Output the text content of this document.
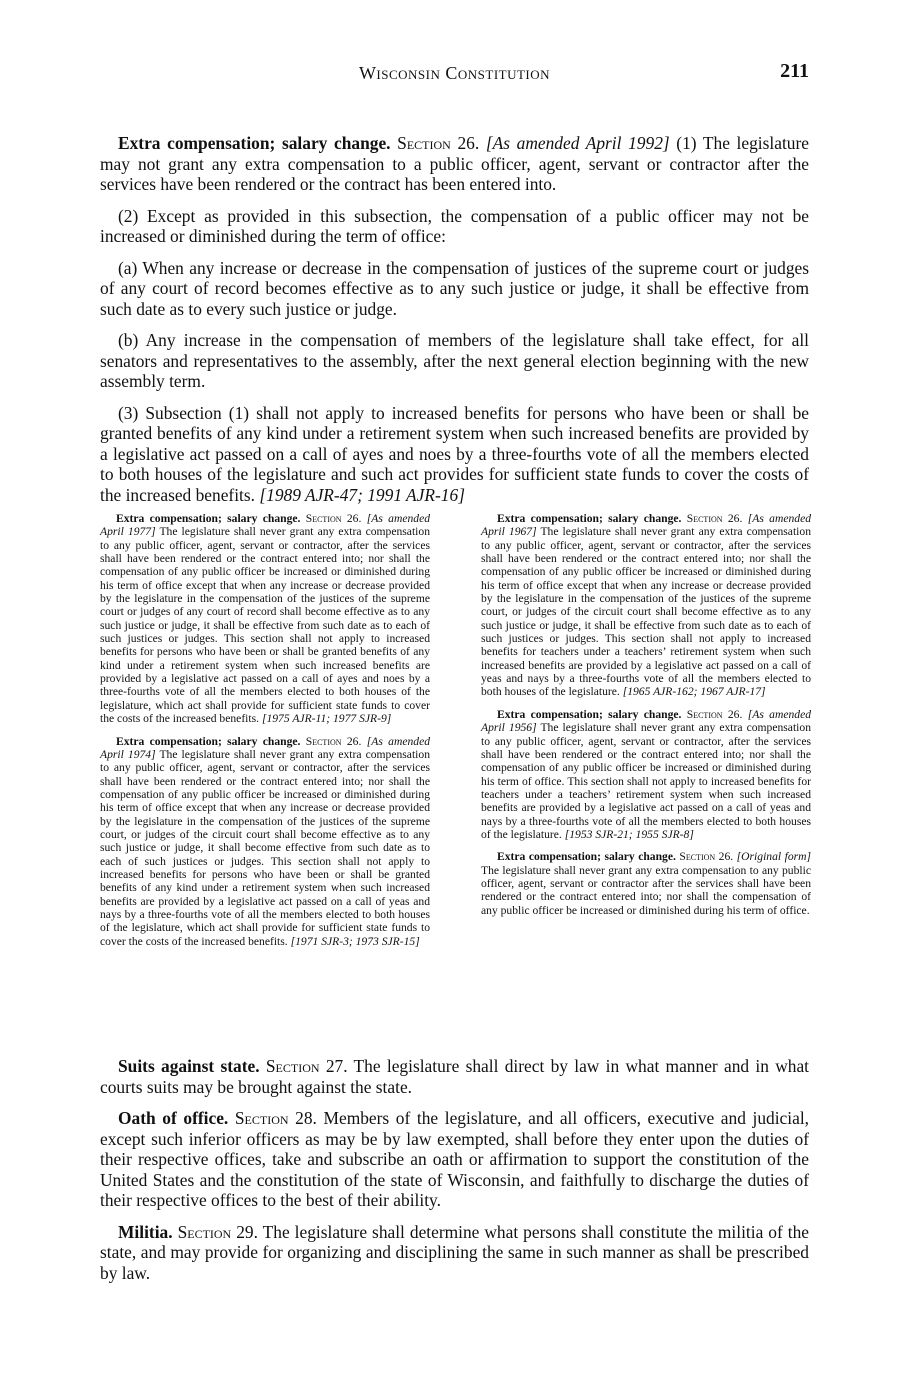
Wisconsin Constitution	211

Extra compensation; salary change. Section 26. [As amended April 1992] (1) The legislature may not grant any extra compensation to a public officer, agent, servant or contractor after the services have been rendered or the contract has been entered into.

(2) Except as provided in this subsection, the compensation of a public officer may not be increased or diminished during the term of office:

(a) When any increase or decrease in the compensation of justices of the supreme court or judges of any court of record becomes effective as to any such justice or judge, it shall be effective from such date as to every such justice or judge.

(b) Any increase in the compensation of members of the legislature shall take effect, for all senators and representatives to the assembly, after the next general election beginning with the new assembly term.

(3) Subsection (1) shall not apply to increased benefits for persons who have been or shall be granted benefits of any kind under a retirement system when such increased benefits are provided by a legislative act passed on a call of ayes and noes by a three-fourths vote of all the members elected to both houses of the legislature and such act provides for sufficient state funds to cover the costs of the increased benefits. [1989 AJR-47; 1991 AJR-16]

Extra compensation; salary change. Section 26. [As amended April 1977] The legislature shall never grant any extra compensation to any public officer, agent, servant or contractor, after the services shall have been rendered or the contract entered into; nor shall the compensation of any public officer be increased or diminished during his term of office except that when any increase or decrease provided by the legislature in the compensation of the justices of the supreme court or judges of any court of record shall become effective as to any such justice or judge, it shall be effective from such date as to each of such justices or judges. This section shall not apply to increased benefits for persons who have been or shall be granted benefits of any kind under a retirement system when such increased benefits are provided by a legislative act passed on a call of ayes and noes by a three-fourths vote of all the members elected to both houses of the legislature, which act shall provide for sufficient state funds to cover the costs of the increased benefits. [1975 AJR-11; 1977 SJR-9]

Extra compensation; salary change. Section 26. [As amended April 1974] The legislature shall never grant any extra compensation to any public officer, agent, servant or contractor, after the services shall have been rendered or the contract entered into; nor shall the compensation of any public officer be increased or diminished during his term of office except that when any increase or decrease provided by the legislature in the compensation of the justices of the supreme court, or judges of the circuit court shall become effective as to any such justice or judge, it shall become effective from such date as to each of such justices or judges. This section shall not apply to increased benefits for persons who have been or shall be granted benefits of any kind under a retirement system when such increased benefits are provided by a legislative act passed on a call of yeas and nays by a three-fourths vote of all the members elected to both houses of the legislature, which act shall provide for sufficient state funds to cover the costs of the increased benefits. [1971 SJR-3; 1973 SJR-15]

Extra compensation; salary change. Section 26. [As amended April 1967] The legislature shall never grant any extra compensation to any public officer, agent, servant or contractor, after the services shall have been rendered or the contract entered into; nor shall the compensation of any public officer be increased or diminished during his term of office except that when any increase or decrease provided by the legislature in the compensation of the justices of the supreme court, or judges of the circuit court shall become effective as to any such justice or judge, it shall be effective from such date as to each of such justices or judges. This section shall not apply to increased benefits for teachers under a teachers’ retirement system when such increased benefits are provided by a legislative act passed on a call of yeas and nays by a three-fourths vote of all the members elected to both houses of the legislature. [1965 AJR-162; 1967 AJR-17]

Extra compensation; salary change. Section 26. [As amended April 1956] The legislature shall never grant any extra compensation to any public officer, agent, servant or contractor, after the services shall have been rendered or the contract entered into; nor shall the compensation of any public officer be increased or diminished during his term of office. This section shall not apply to increased benefits for teachers under a teachers’ retirement system when such increased benefits are provided by a legislative act passed on a call of yeas and nays by a three-fourths vote of all the members elected to both houses of the legislature. [1953 SJR-21; 1955 SJR-8]

Extra compensation; salary change. Section 26. [Original form] The legislature shall never grant any extra compensation to any public officer, agent, servant or contractor after the services shall have been rendered or the contract entered into; nor shall the compensation of any public officer be increased or diminished during his term of office.

Suits against state. Section 27. The legislature shall direct by law in what manner and in what courts suits may be brought against the state.

Oath of office. Section 28. Members of the legislature, and all officers, executive and judicial, except such inferior officers as may be by law exempted, shall before they enter upon the duties of their respective offices, take and subscribe an oath or affirmation to support the constitution of the United States and the constitution of the state of Wisconsin, and faithfully to discharge the duties of their respective offices to the best of their ability.

Militia. Section 29. The legislature shall determine what persons shall constitute the militia of the state, and may provide for organizing and disciplining the same in such manner as shall be prescribed by law.
